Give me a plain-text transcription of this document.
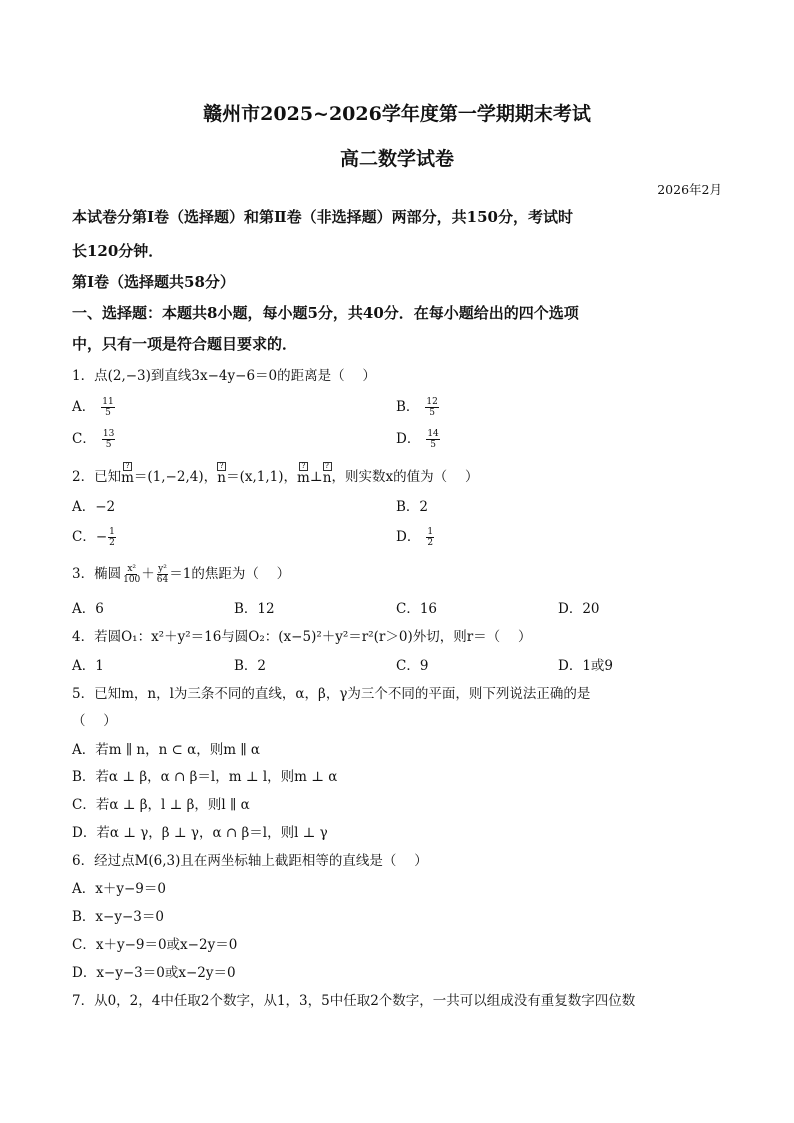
赣州市2025~2026学年度第一学期期末考试
高二数学试卷
2026年2月
本试卷分第Ⅰ卷（选择题）和第Ⅱ卷（非选择题）两部分，共150分，考试时
长120分钟．
第Ⅰ卷（选择题共58分）
一、选择题：本题共8小题，每小题5分，共40分．在每小题给出的四个选项
中，只有一项是符合题目要求的．
1．点(2,−3)到直线3x−4y−6＝0的距离是（　 ）
A． $\frac{11}{5}$	B． $\frac{12}{5}$
C． $\frac{13}{5}$	D． $\frac{14}{5}$
2．已知
?
m ＝(1,−2,4)，
?
n ＝(x,1,1)，
?
m ⊥
?
n ，则实数x的值为（　 ）
A．−2	B．2
C．− $\frac{1}{2}$	D． $\frac{1}{2}$
3．椭圆 $\frac{\text{x²}}{100} + \frac{\text{y²}}{64} =1$的焦距为（　 ）
A．6	B．12	C．16	D．20
4．若圆O₁：x²＋y²＝16与圆O₂：(x−5)²＋y²＝r²(r＞0)外切，则r＝（　 ）
A．1	B．2	C．9	D．1或9
5．已知m，n，l为三条不同的直线，α，β，γ为三个不同的平面，则下列说法正确的是
（　 ）
A．若m ∥ n，n ⊂ α，则m ∥ α
B．若α ⊥ β，α ∩ β＝l，m ⊥ l，则m ⊥ α
C．若α ⊥ β，l ⊥ β，则l ∥ α
D．若α ⊥ γ，β ⊥ γ，α ∩ β＝l，则l ⊥ γ
6．经过点M(6,3)且在两坐标轴上截距相等的直线是（　 ）
A．x＋y−9＝0
B．x−y−3＝0
C．x＋y−9＝0或x−2y＝0
D．x−y−3＝0或x−2y＝0
7．从0，2，4中任取2个数字，从1，3，5中任取2个数字，一共可以组成没有重复数字四位数
